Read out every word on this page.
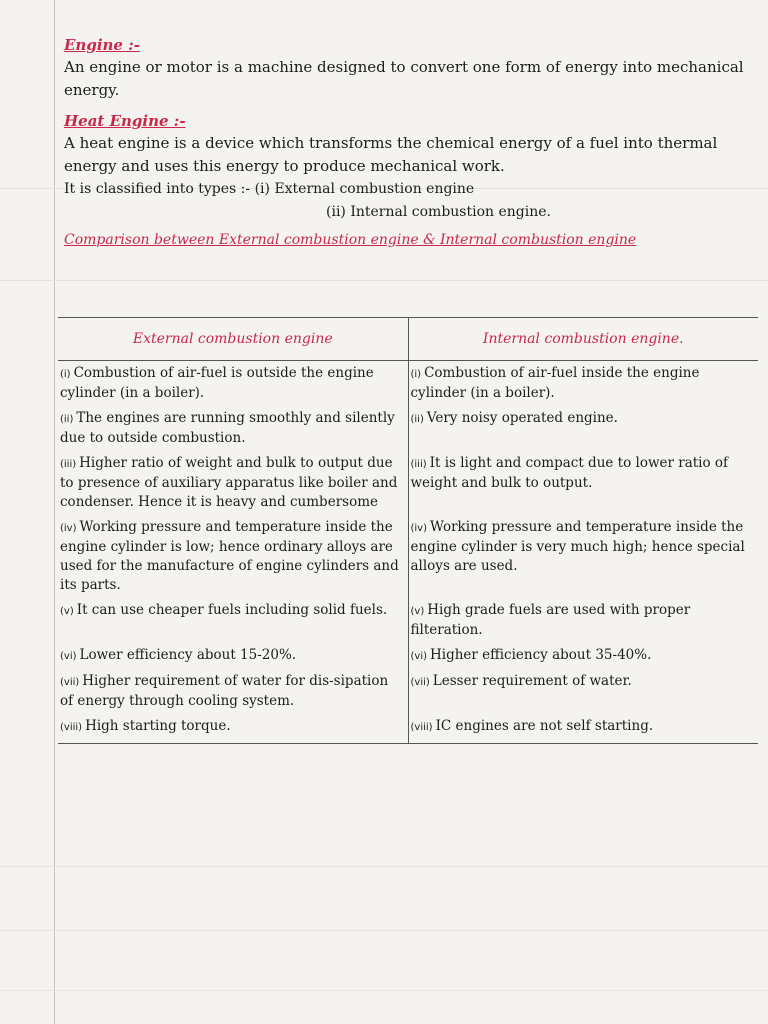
Engine :-

An engine or motor is a machine designed to convert one form of energy into mechanical energy.

Heat Engine :-

A heat engine is a device which transforms the chemical energy of a fuel into thermal energy and uses this energy to produce mechanical work.

It is classified into types :- (i) External combustion engine
(ii) Internal combustion engine.

Comparison between External combustion engine & Internal combustion engine

External combustion engine	Internal combustion engine.
(i) Combustion of air-fuel is outside the engine cylinder (in a boiler).	(i) Combustion of air-fuel inside the engine cylinder (in a boiler).
(ii) The engines are running smoothly and silently due to outside combustion.	(ii) Very noisy operated engine.
(iii) Higher ratio of weight and bulk to output due to presence of auxiliary apparatus like boiler and condenser. Hence it is heavy and cumbersome	(iii) It is light and compact due to lower ratio of weight and bulk to output.
(iv) Working pressure and temperature inside the engine cylinder is low; hence ordinary alloys are used for the manufacture of engine cylinders and its parts.	(iv) Working pressure and temperature inside the engine cylinder is very much high; hence special alloys are used.
(v) It can use cheaper fuels including solid fuels.	(v) High grade fuels are used with proper filteration.
(vi) Lower efficiency about 15-20%.	(vi) Higher efficiency about 35-40%.
(vii) Higher requirement of water for dis-sipation of energy through cooling system.	(vii) Lesser requirement of water.
(viii) High starting torque.	(viii) IC engines are not self starting.
